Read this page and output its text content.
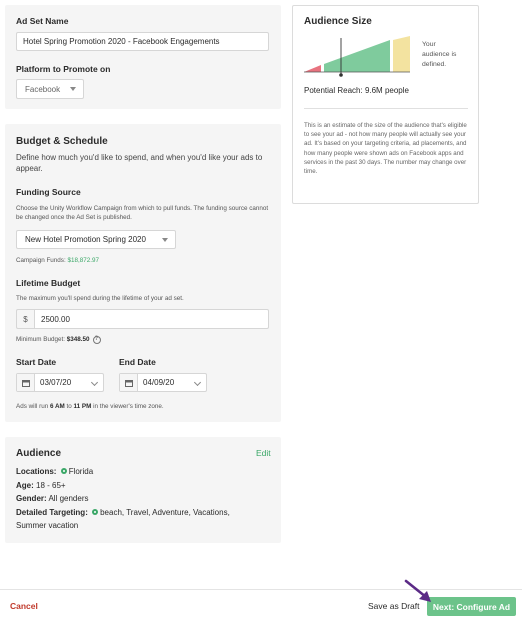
Ad Set Name
Hotel Spring Promotion 2020 - Facebook Engagements
Platform to Promote on
Facebook
Budget & Schedule
Define how much you'd like to spend, and when you'd like your ads to appear.
Funding Source
Choose the Unity Workflow Campaign from which to pull funds. The funding source cannot be changed once the Ad Set is published.
New Hotel Promotion Spring 2020
Campaign Funds: $18,872.97
Lifetime Budget
The maximum you'll spend during the lifetime of your ad set.
$	2500.00
Minimum Budget:
$348.50 ?
Start Date
03/07/20
End Date
04/09/20
Ads will run 6 AM to 11 PM in the viewer's time zone.
Audience	Edit
Locations: Florida
Age: 18 - 65+
Gender: All genders
Detailed Targeting: beach, Travel, Adventure, Vacations,
Summer vacation
Audience Size
Your
audience is
defined.
Potential Reach: 9.6M people
This is an estimate of the size of the audience that's eligible to see your ad - not how many people will actually see your ad. It's based on your targeting criteria, ad placements, and how many people were shown ads on Facebook apps and services in the past 30 days. The number may change over time.
Cancel	Save as Draft	Next: Configure Ad
